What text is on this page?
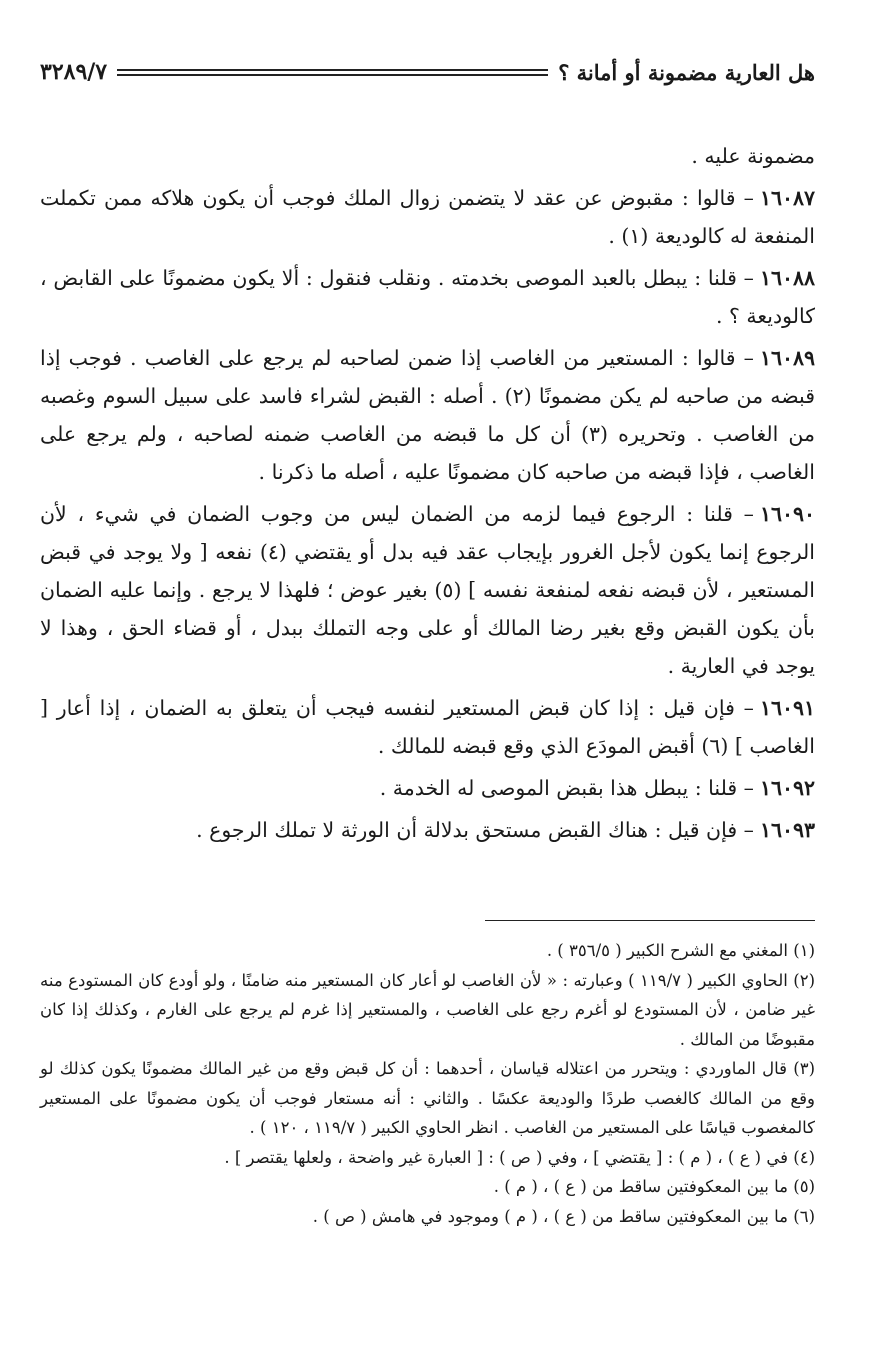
هل العارية مضمونة أو أمانة ؟
٣٢٨٩/٧

مضمونة عليه .

١٦٠٨٧– قالوا : مقبوض عن عقد لا يتضمن زوال الملك فوجب أن يكون هلاكه ممن تكملت المنفعة له كالوديعة (١) .

١٦٠٨٨– قلنا : يبطل بالعبد الموصى بخدمته . ونقلب فنقول : ألا يكون مضمونًا على القابض ، كالوديعة ؟ .

١٦٠٨٩– قالوا : المستعير من الغاصب إذا ضمن لصاحبه لم يرجع على الغاصب . فوجب إذا قبضه من صاحبه لم يكن مضمونًا (٢) . أصله : القبض لشراء فاسد على سبيل السوم وغصبه من الغاصب . وتحريره (٣) أن كل ما قبضه من الغاصب ضمنه لصاحبه ، ولم يرجع على الغاصب ، فإذا قبضه من صاحبه كان مضمونًا عليه ، أصله ما ذكرنا .

١٦٠٩٠– قلنا : الرجوع فيما لزمه من الضمان ليس من وجوب الضمان في شيء ، لأن الرجوع إنما يكون لأجل الغرور بإيجاب عقد فيه بدل أو يقتضي (٤) نفعه [ ولا يوجد في قبض المستعير ، لأن قبضه نفعه لمنفعة نفسه ] (٥) بغير عوض ؛ فلهذا لا يرجع . وإنما عليه الضمان بأن يكون القبض وقع بغير رضا المالك أو على وجه التملك ببدل ، أو قضاء الحق ، وهذا لا يوجد في العارية .

١٦٠٩١– فإن قيل : إذا كان قبض المستعير لنفسه فيجب أن يتعلق به الضمان ، إذا أعار [ الغاصب ] (٦) أقبض المودَع الذي وقع قبضه للمالك .

١٦٠٩٢– قلنا : يبطل هذا بقبض الموصى له الخدمة .

١٦٠٩٣– فإن قيل : هناك القبض مستحق بدلالة أن الورثة لا تملك الرجوع .

(١) المغني مع الشرح الكبير ( ٣٥٦/٥ ) .

(٢) الحاوي الكبير ( ١١٩/٧ ) وعبارته : « لأن الغاصب لو أعار كان المستعير منه ضامنًا ، ولو أودع كان المستودع منه غير ضامن ، لأن المستودع لو أغرم رجع على الغاصب ، والمستعير إذا غرم لم يرجع على الغارم ، وكذلك إذا كان مقبوضًا من المالك .

(٣) قال الماوردي : ويتحرر من اعتلاله قياسان ، أحدهما : أن كل قبض وقع من غير المالك مضمونًا يكون كذلك لو وقع من المالك كالغصب طردًا والوديعة عكسًا . والثاني : أنه مستعار فوجب أن يكون مضمونًا على المستعير كالمغصوب قياسًا على المستعير من الغاصب . انظر الحاوي الكبير ( ١١٩/٧ ، ١٢٠ ) .

(٤) في ( ع ) ، ( م ) : [ يقتضي ] ، وفي ( ص ) : [ العبارة غير واضحة ، ولعلها يقتصر ] .

(٥) ما بين المعكوفتين ساقط من ( ع ) ، ( م ) .

(٦) ما بين المعكوفتين ساقط من ( ع ) ، ( م ) وموجود في هامش ( ص ) .
